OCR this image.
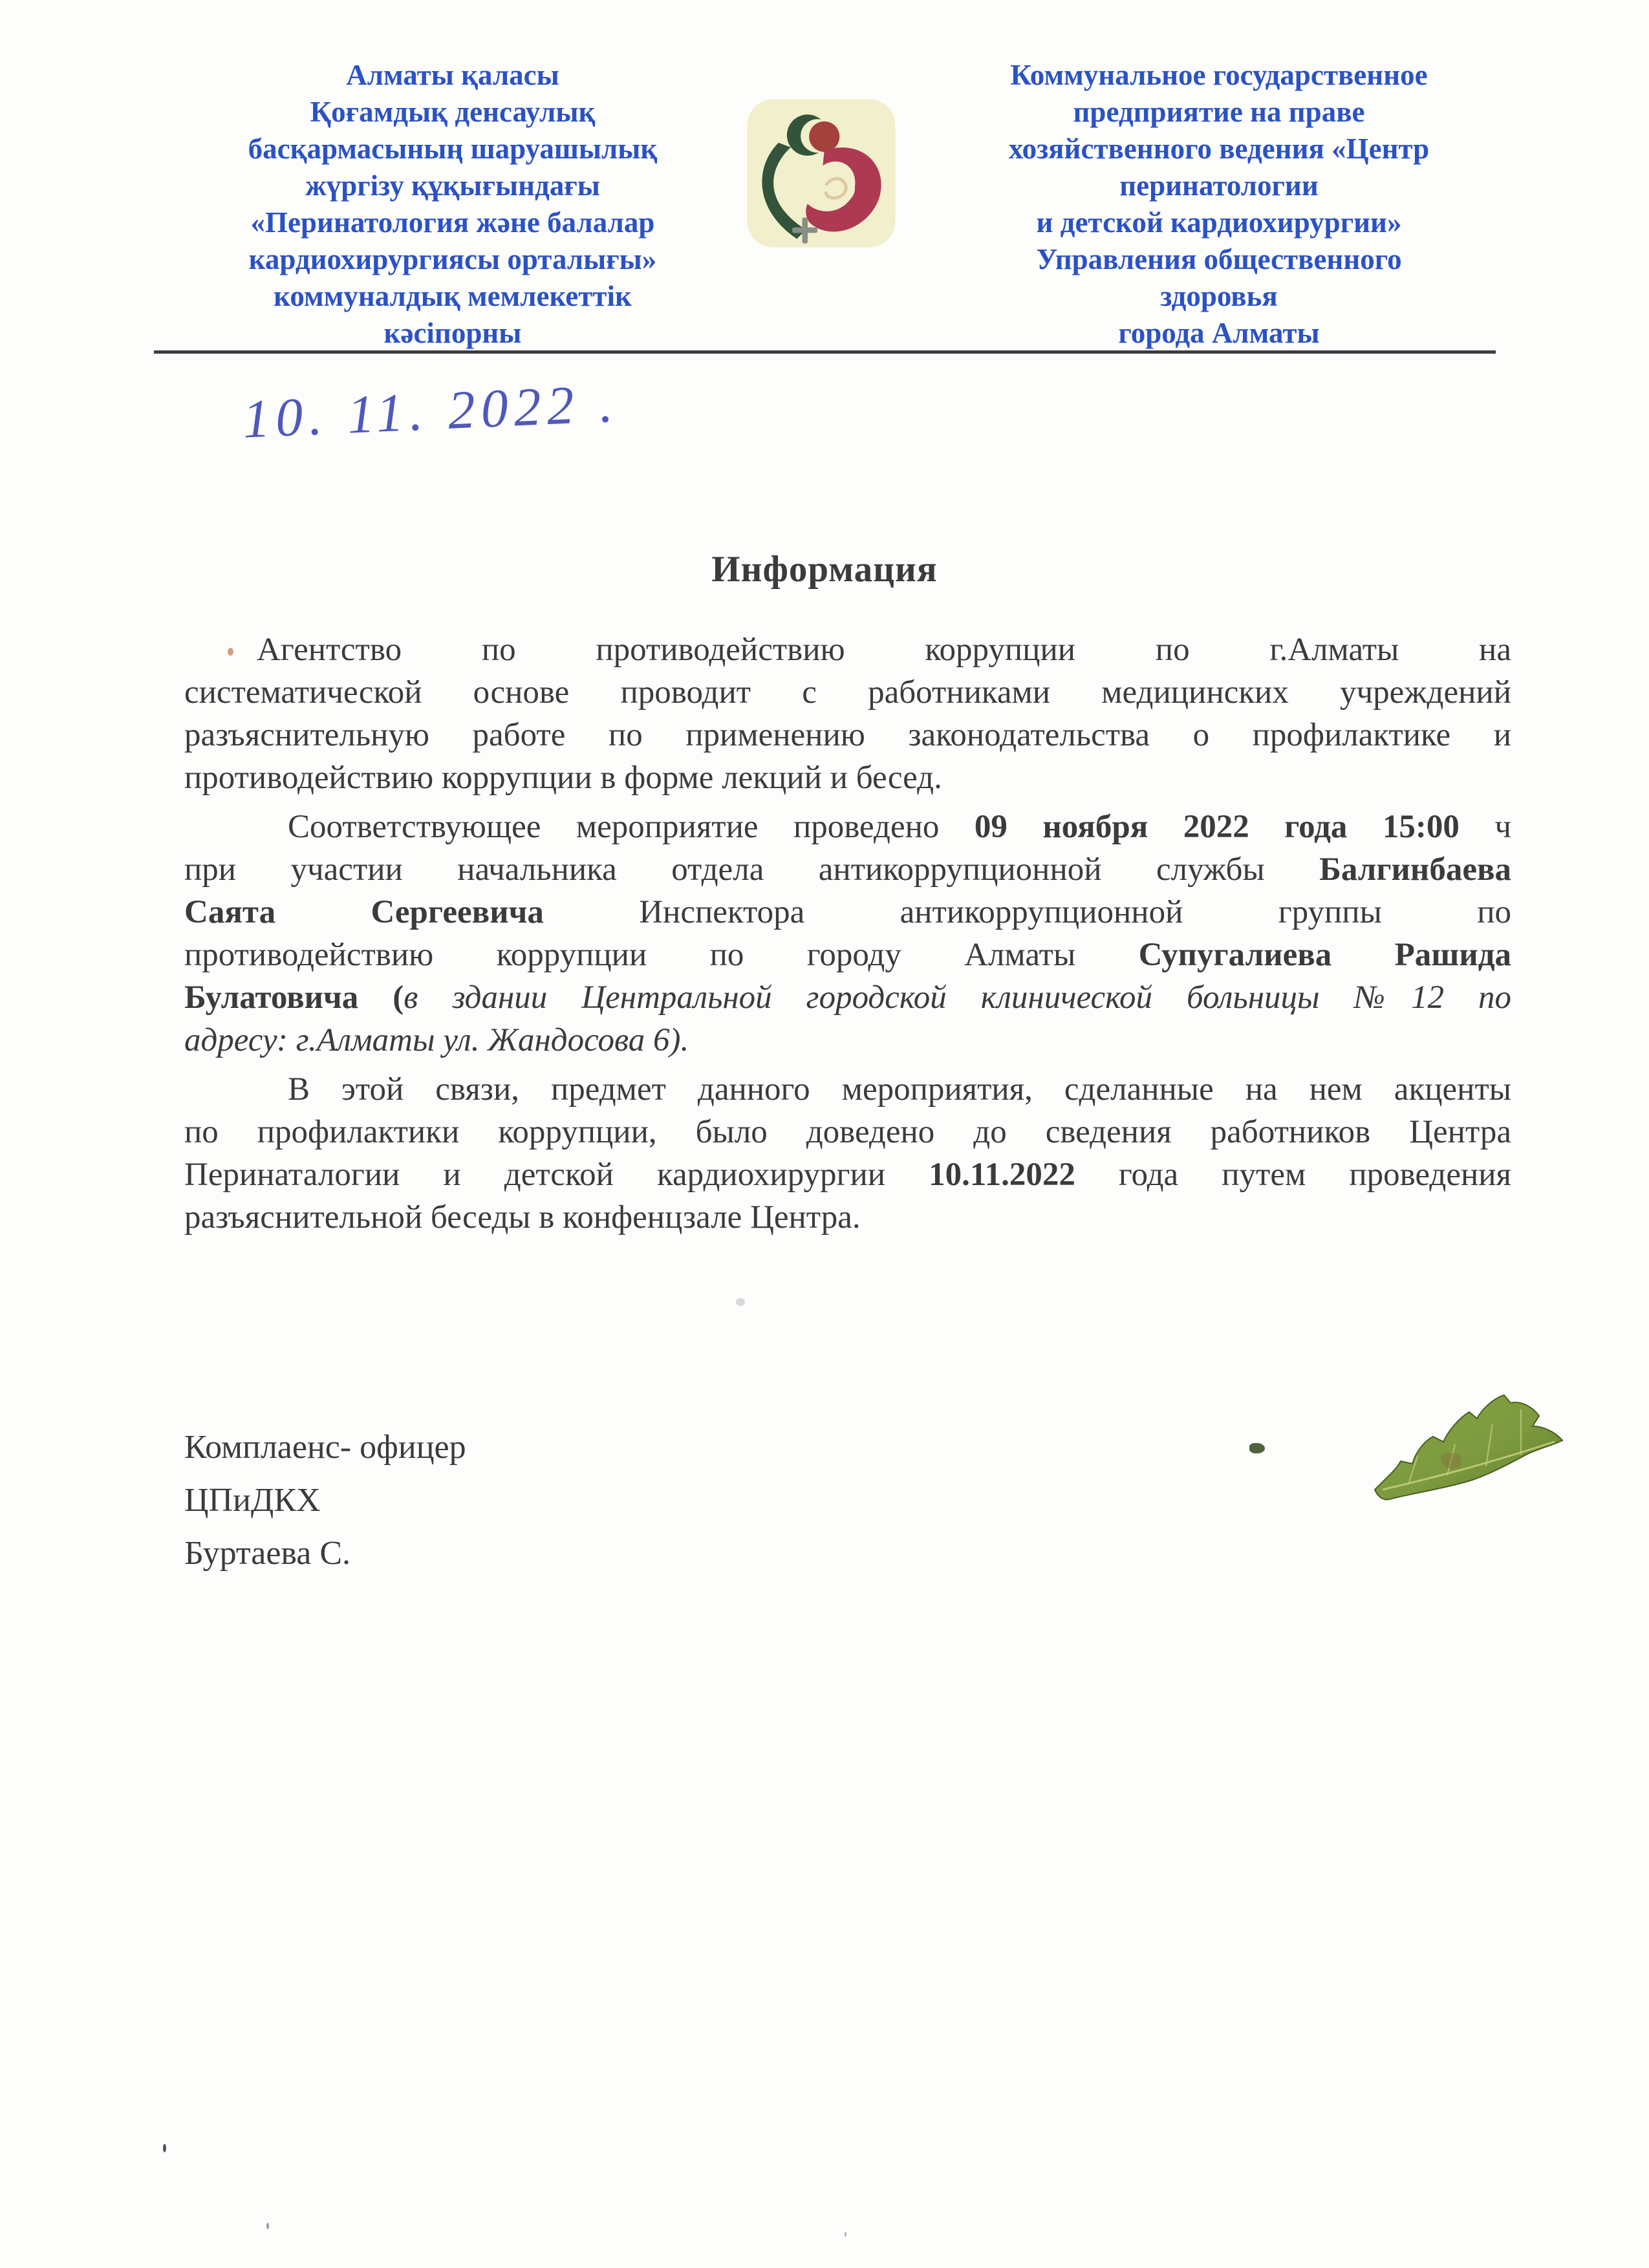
Алматы қаласы
Қоғамдық денсаулық
басқармасының шаруашылық
жүргізу құқығындағы
«Перинатология және балалар
кардиохирургиясы орталығы»
коммуналдық мемлекеттік
кәсіпорны
Коммунальное государственное
предприятие на праве
хозяйственного ведения «Центр
перинатологии
и детской кардиохирургии»
Управления общественного
здоровья
города Алматы
10. 11. 2022 .
Информация
Агентство по противодействию коррупции по г.Алматы на
систематической основе проводит с работниками медицинских учреждений
разъяснительную работе по применению законодательства о профилактике и
противодействию коррупции в форме лекций и бесед.
Соответствующее мероприятие проведено 09 ноября 2022 года 15:00 ч
при участии начальника отдела антикоррупционной службы Балгинбаева
Саята Сергеевича Инспектора антикоррупционной группы по
противодействию коррупции по городу Алматы Супугалиева Рашида
Булатовича (в здании Центральной городской клинической больницы №12 по
адресу: г.Алматы ул. Жандосова 6).
В этой связи, предмет данного мероприятия, сделанные на нем акценты
по профилактики коррупции, было доведено до сведения работников Центра
Перинаталогии и детской кардиохирургии 10.11.2022 года путем проведения
разъяснительной беседы в конфенцзале Центра.
Комплаенс- офицер
ЦПиДКХ
Буртаева С.
